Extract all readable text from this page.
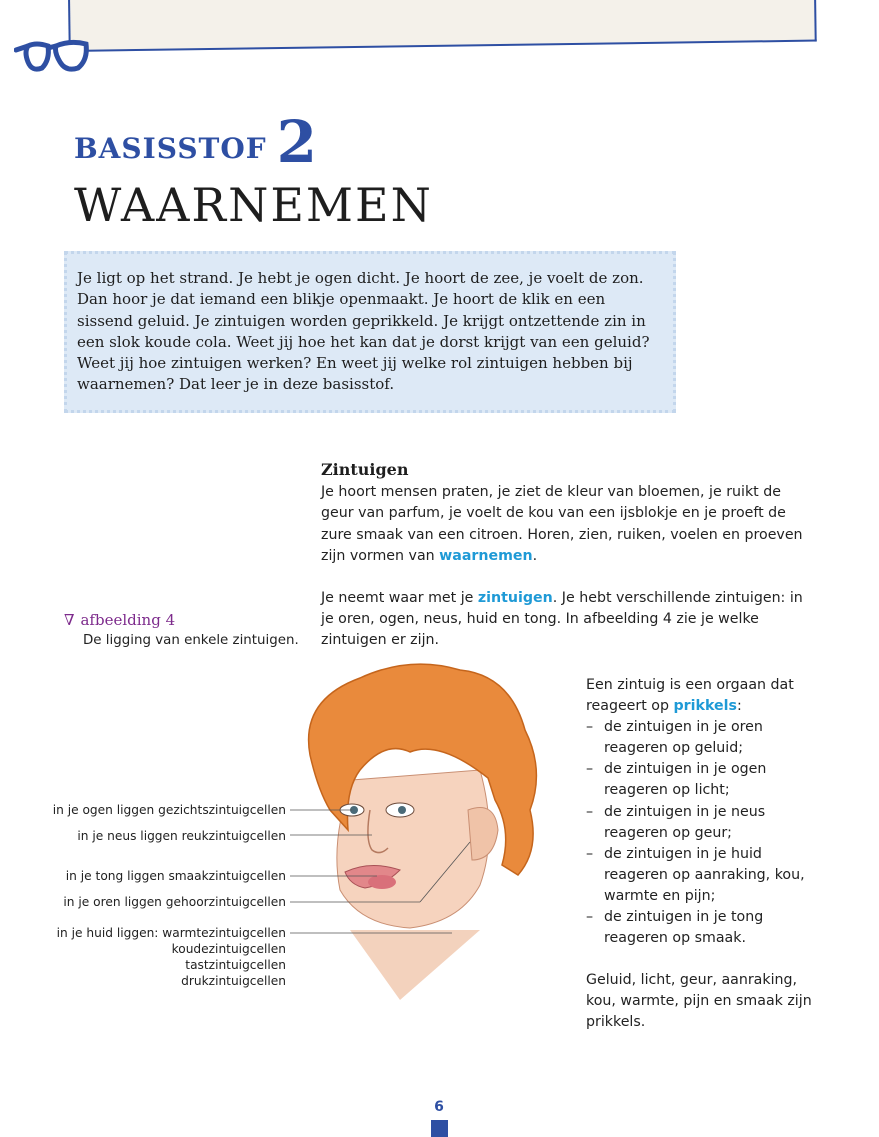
BASISSTOF 2
WAARNEMEN
Je ligt op het strand. Je hebt je ogen dicht. Je hoort de zee, je voelt de zon. Dan hoor je dat iemand een blikje openmaakt. Je hoort de klik en een sissend geluid. Je zintuigen worden geprikkeld. Je krijgt ontzettende zin in een slok koude cola. Weet jij hoe het kan dat je dorst krijgt van een geluid? Weet jij hoe zintuigen werken? En weet jij welke rol zintuigen hebben bij waarnemen? Dat leer je in deze basisstof.
Zintuigen

Je hoort mensen praten, je ziet de kleur van bloemen, je ruikt de geur van parfum, je voelt de kou van een ijsblokje en je proeft de zure smaak van een citroen. Horen, zien, ruiken, voelen en proeven zijn vormen van waarnemen.

Je neemt waar met je zintuigen. Je hebt verschillende zintuigen: in je oren, ogen, neus, huid en tong. In afbeelding 4 zie je welke zintuigen er zijn.

∇ afbeelding 4
De ligging van enkele zintuigen.
in je ogen liggen gezichtszintuigcellen
in je neus liggen reukzintuigcellen
in je tong liggen smaakzintuigcellen
in je oren liggen gehoorzintuigcellen
in je huid liggen: warmtezintuigcellen
koudezintuigcellen
tastzintuigcellen
drukzintuigcellen

Een zintuig is een orgaan dat reageert op prikkels:

– de zintuigen in je oren reageren op geluid;
– de zintuigen in je ogen reageren op licht;
– de zintuigen in je neus reageren op geur;
– de zintuigen in je huid reageren op aanraking, kou, warmte en pijn;
– de zintuigen in je tong reageren op smaak.

Geluid, licht, geur, aanraking, kou, warmte, pijn en smaak zijn prikkels.

6
